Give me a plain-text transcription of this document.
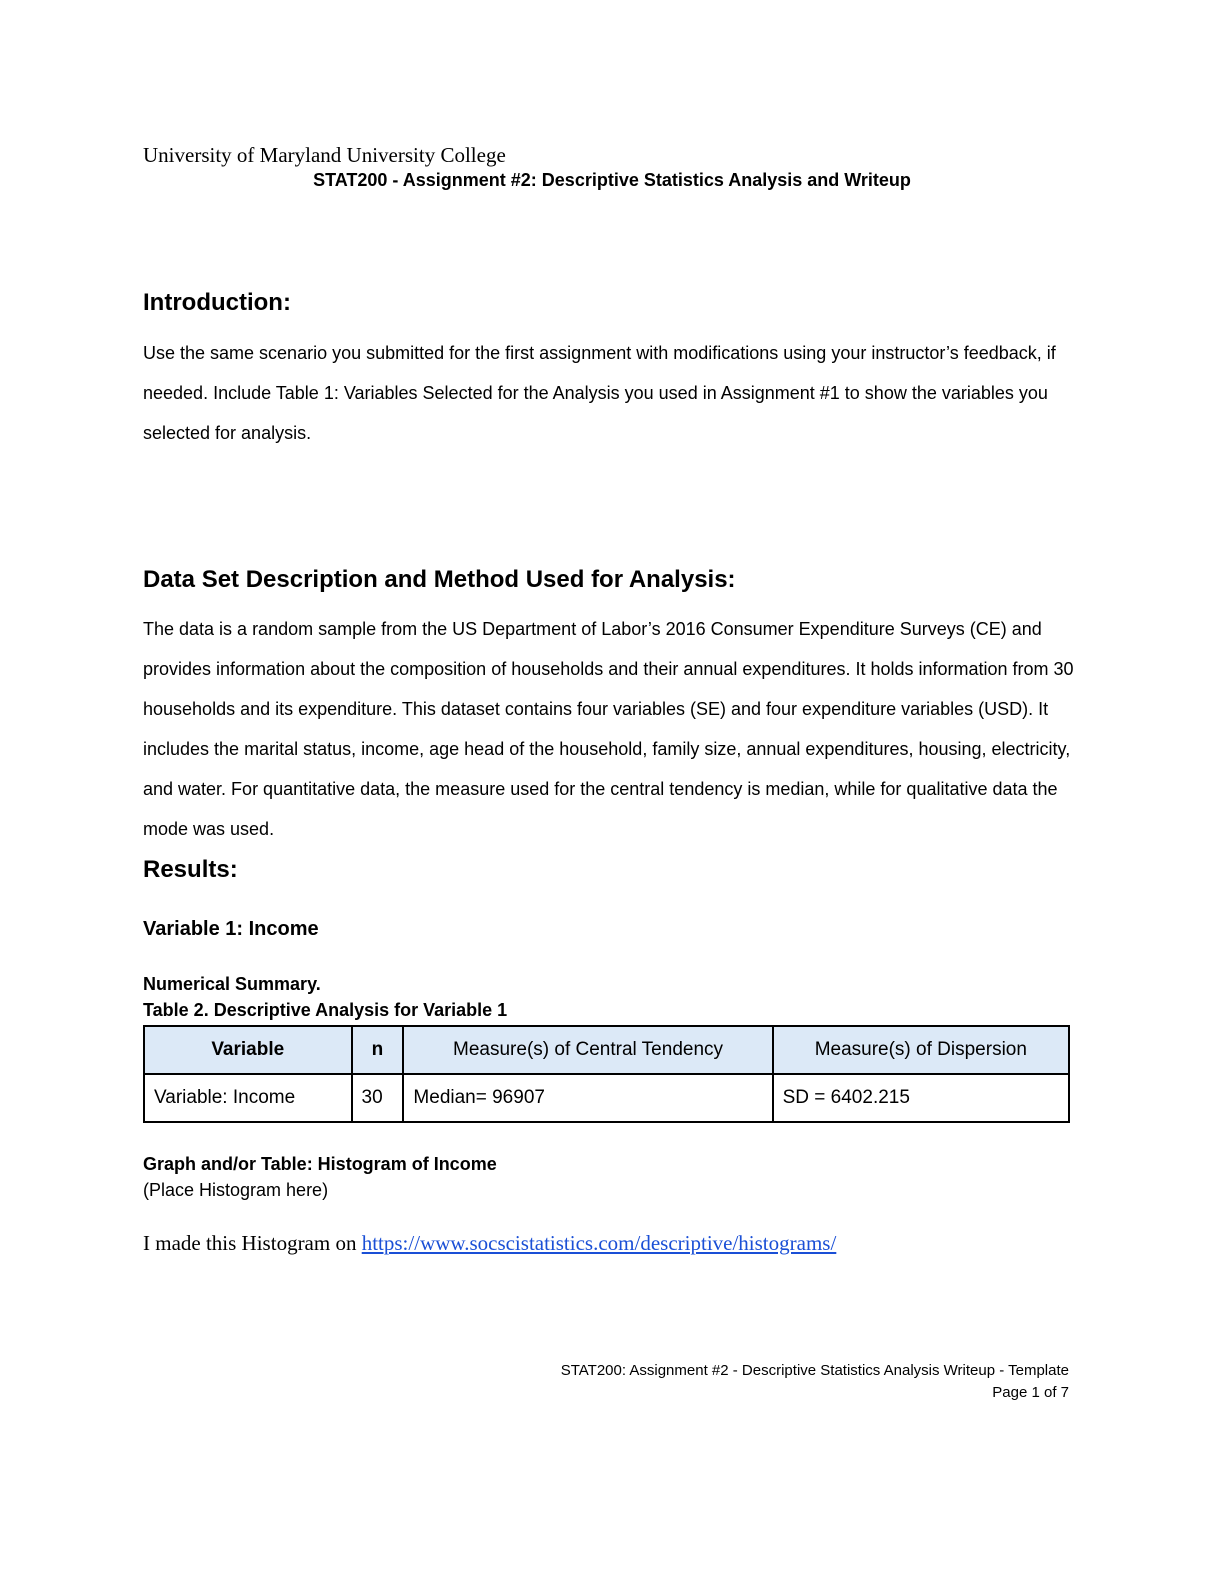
University of Maryland University College
STAT200 - Assignment #2: Descriptive Statistics Analysis and Writeup
Introduction:

Use the same scenario you submitted for the first assignment with modifications using your instructor’s feedback, if needed. Include Table 1: Variables Selected for the Analysis you used in Assignment #1 to show the variables you selected for analysis.

Data Set Description and Method Used for Analysis:

The data is a random sample from the US Department of Labor’s 2016 Consumer Expenditure Surveys (CE) and provides information about the composition of households and their annual expenditures. It holds information from 30 households and its expenditure. This dataset contains four variables (SE) and four expenditure variables (USD). It includes the marital status, income, age head of the household, family size, annual expenditures, housing, electricity, and water. For quantitative data, the measure used for the central tendency is median, while for qualitative data the mode was used.

Results:
Variable 1: Income
Numerical Summary.
Table 2. Descriptive Analysis for Variable 1
Variable	n	Measure(s) of Central Tendency	Measure(s) of Dispersion
Variable: Income	30	Median= 96907	SD = 6402.215
Graph and/or Table: Histogram of Income
(Place Histogram here)
I made this Histogram on https://www.socscistatistics.com/descriptive/histograms/
STAT200: Assignment #2 - Descriptive Statistics Analysis Writeup - Template
Page 1 of 7
